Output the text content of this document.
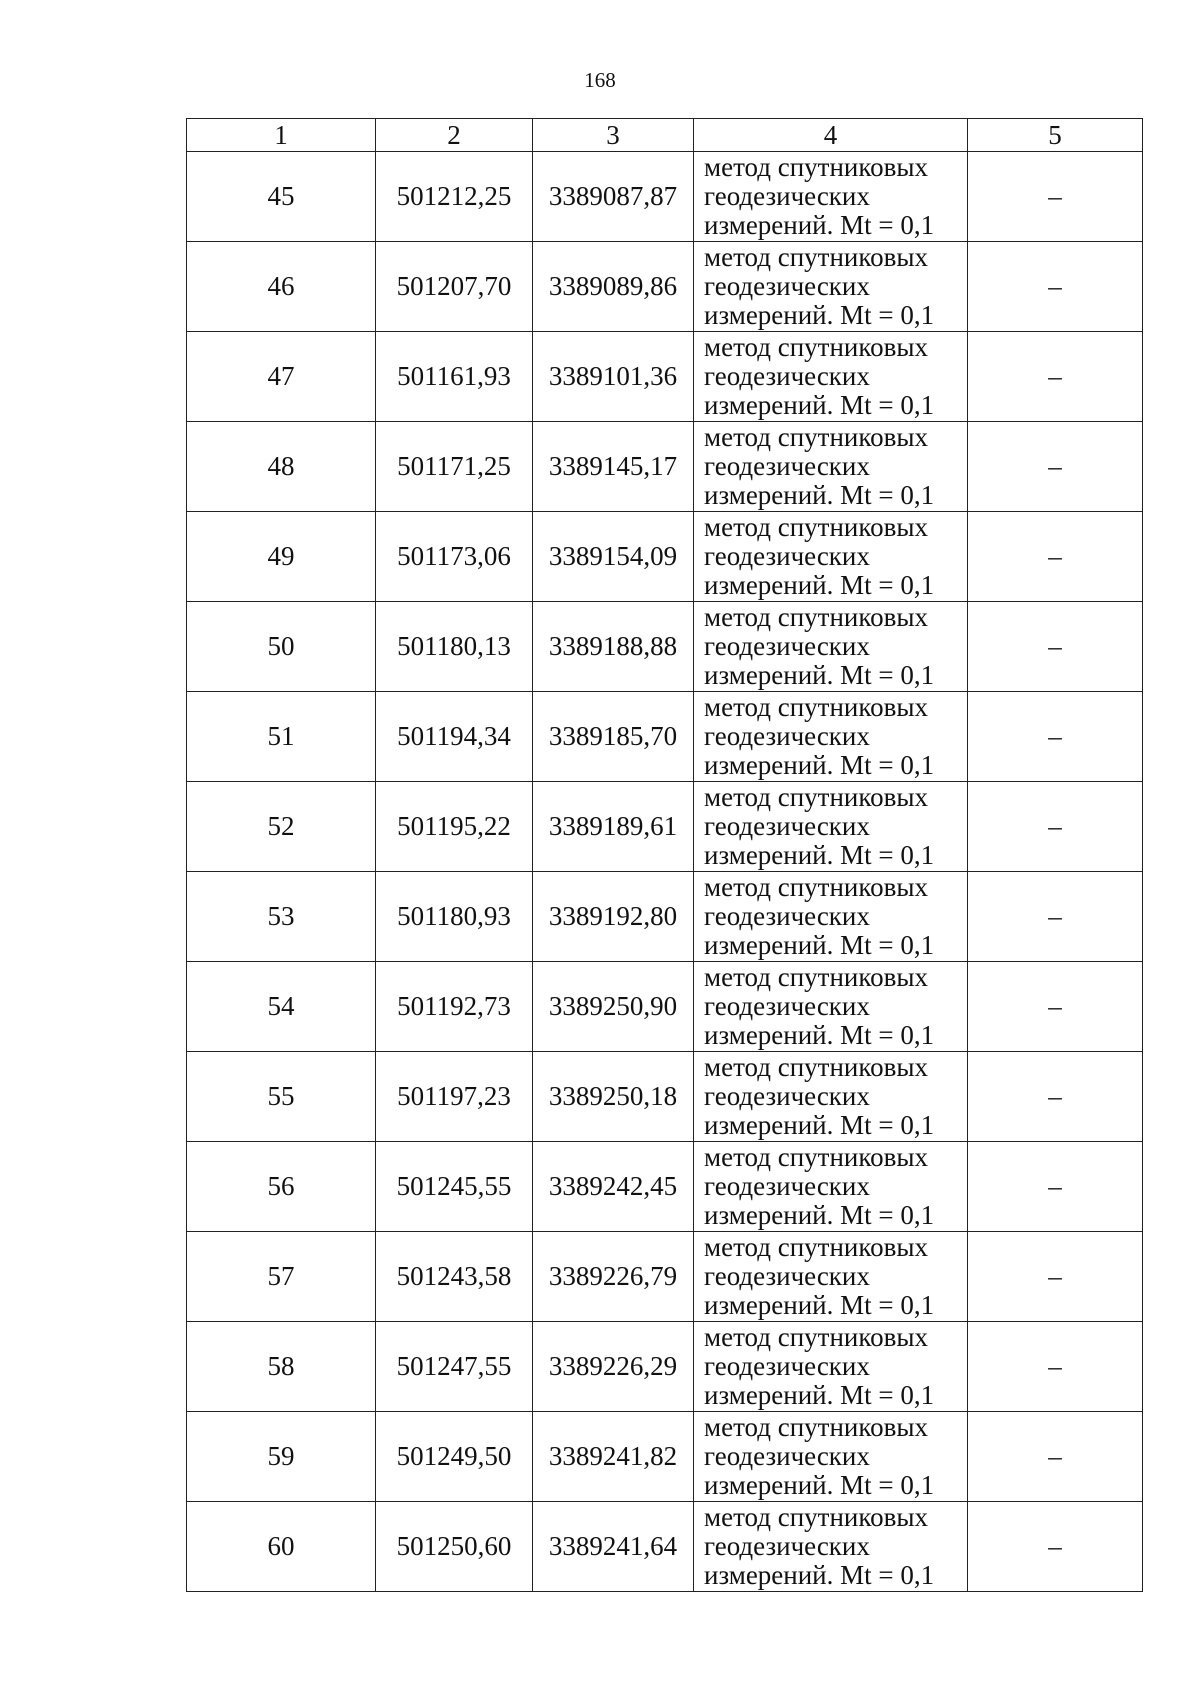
168
1	2	3	4	5
45	501212,25	3389087,87	метод спутниковых
геодезических
измерений. Mt = 0,1	–
46	501207,70	3389089,86	метод спутниковых
геодезических
измерений. Mt = 0,1	–
47	501161,93	3389101,36	метод спутниковых
геодезических
измерений. Mt = 0,1	–
48	501171,25	3389145,17	метод спутниковых
геодезических
измерений. Mt = 0,1	–
49	501173,06	3389154,09	метод спутниковых
геодезических
измерений. Mt = 0,1	–
50	501180,13	3389188,88	метод спутниковых
геодезических
измерений. Mt = 0,1	–
51	501194,34	3389185,70	метод спутниковых
геодезических
измерений. Mt = 0,1	–
52	501195,22	3389189,61	метод спутниковых
геодезических
измерений. Mt = 0,1	–
53	501180,93	3389192,80	метод спутниковых
геодезических
измерений. Mt = 0,1	–
54	501192,73	3389250,90	метод спутниковых
геодезических
измерений. Mt = 0,1	–
55	501197,23	3389250,18	метод спутниковых
геодезических
измерений. Mt = 0,1	–
56	501245,55	3389242,45	метод спутниковых
геодезических
измерений. Mt = 0,1	–
57	501243,58	3389226,79	метод спутниковых
геодезических
измерений. Mt = 0,1	–
58	501247,55	3389226,29	метод спутниковых
геодезических
измерений. Mt = 0,1	–
59	501249,50	3389241,82	метод спутниковых
геодезических
измерений. Mt = 0,1	–
60	501250,60	3389241,64	метод спутниковых
геодезических
измерений. Mt = 0,1	–
